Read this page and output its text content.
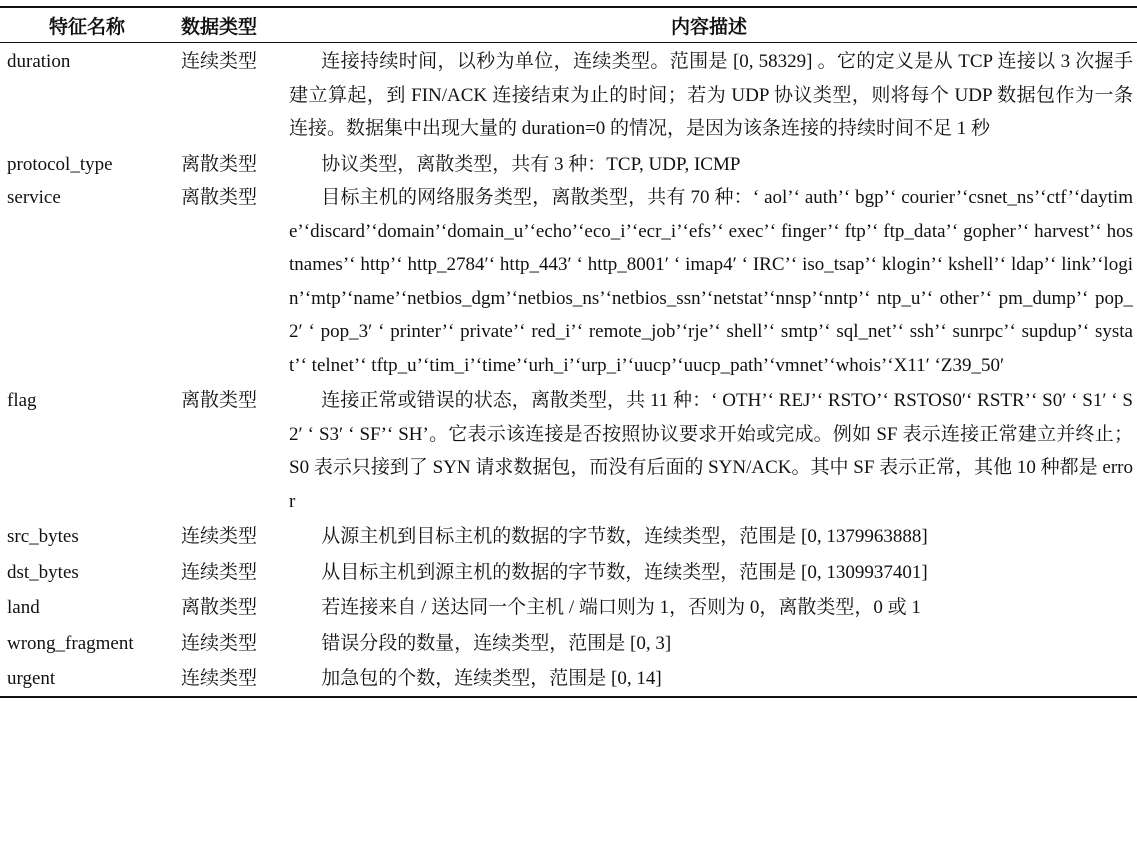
特征名称	数据类型	内容描述
duration	连续类型	连接持续时间，以秒为单位，连续类型。范围是 [0, 58329] 。它的定义是从 TCP 连接以 3 次握手建立算起，到 FIN/ACK 连接结束为止的时间；若为 UDP 协议类型，则将每个 UDP 数据包作为一条连接。数据集中出现大量的 duration=0 的情况，是因为该条连接的持续时间不足 1 秒
protocol_type	离散类型	协议类型，离散类型，共有 3 种：TCP, UDP, ICMP
service	离散类型	目标主机的网络服务类型，离散类型，共有 70 种：‘ aol’‘ auth’‘ bgp’‘ courier’‘csnet_ns’‘ctf’‘daytime’‘discard’‘domain’‘domain_u’‘echo’‘eco_i’‘ecr_i’‘efs’‘ exec’‘ finger’‘ ftp’‘ ftp_data’‘ gopher’‘ harvest’‘ hostnames’‘ http’‘ http_2784′‘ http_443′ ‘ http_8001′ ‘ imap4′ ‘ IRC’‘ iso_tsap’‘ klogin’‘ kshell’‘ ldap’‘ link’‘login’‘mtp’‘name’‘netbios_dgm’‘netbios_ns’‘netbios_ssn’‘netstat’‘nnsp’‘nntp’‘ ntp_u’‘ other’‘ pm_dump’‘ pop_2′ ‘ pop_3′ ‘ printer’‘ private’‘ red_i’‘ remote_job’‘rje’‘ shell’‘ smtp’‘ sql_net’‘ ssh’‘ sunrpc’‘ supdup’‘ systat’‘ telnet’‘ tftp_u’‘tim_i’‘time’‘urh_i’‘urp_i’‘uucp’‘uucp_path’‘vmnet’‘whois’‘X11′ ‘Z39_50′
flag	离散类型	连接正常或错误的状态，离散类型，共 11 种：‘ OTH’‘ REJ’‘ RSTO’‘ RSTOS0′‘ RSTR’‘ S0′ ‘ S1′ ‘ S2′ ‘ S3′ ‘ SF’‘ SH’。它表示该连接是否按照协议要求开始或完成。例如 SF 表示连接正常建立并终止；S0 表示只接到了 SYN 请求数据包，而没有后面的 SYN/ACK。其中 SF 表示正常，其他 10 种都是 error
src_bytes	连续类型	从源主机到目标主机的数据的字节数，连续类型，范围是 [0, 1379963888]
dst_bytes	连续类型	从目标主机到源主机的数据的字节数，连续类型，范围是 [0, 1309937401]
land	离散类型	若连接来自 / 送达同一个主机 / 端口则为 1，否则为 0，离散类型，0 或 1
wrong_fragment	连续类型	错误分段的数量，连续类型，范围是 [0, 3]
urgent	连续类型	加急包的个数，连续类型，范围是 [0, 14]
